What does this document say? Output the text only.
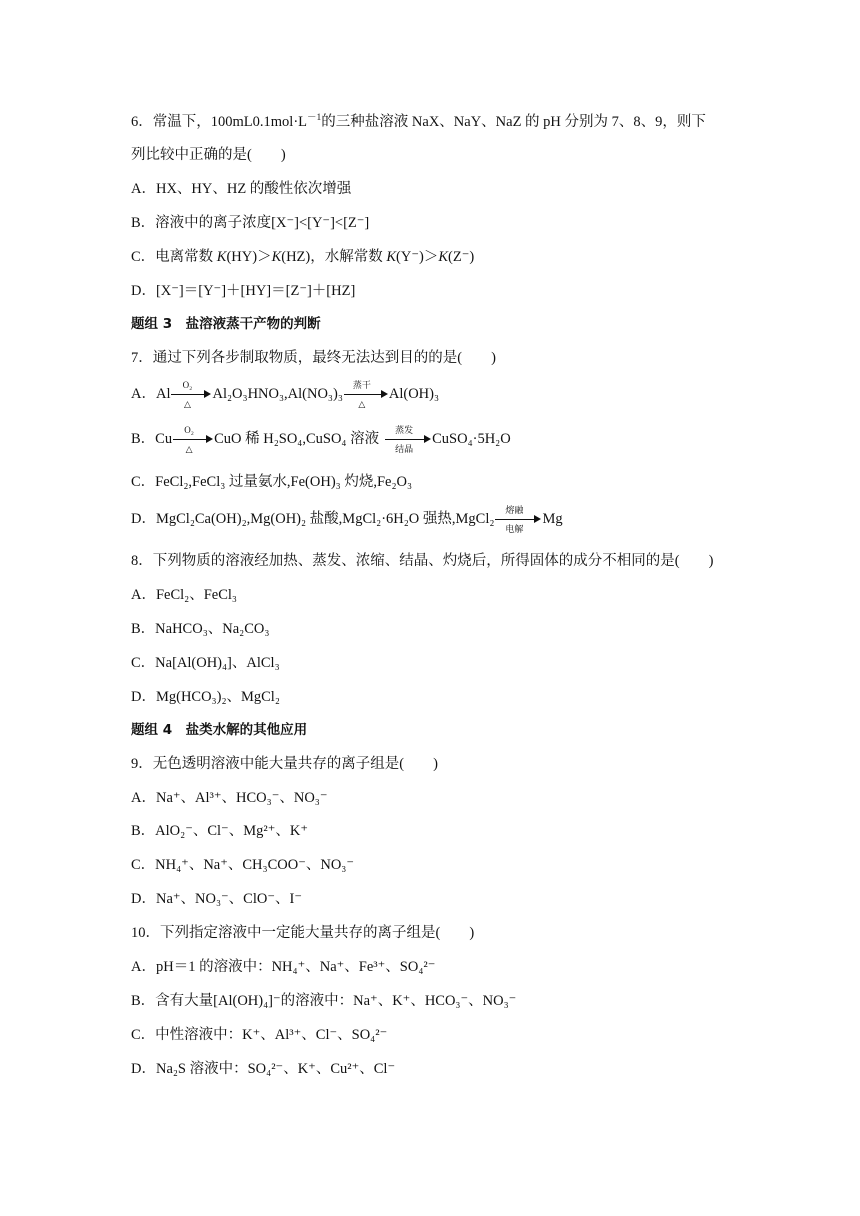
6．常温下，$100mL0.1mol\cdot L^{-1}$的三种盐溶液 NaX、NaY、NaZ 的 pH 分别为 7、8、9，则下
列比较中正确的是(　　)
A．HX、HY、HZ 的酸性依次增强
B．溶液中的离子浓度[X⁻]<[Y⁻]<[Z⁻]
C．电离常数 K(HY)＞K(HZ)，水解常数 K(Y⁻)＞K(Z⁻)
D．[X⁻]＝[Y⁻]＋[HY]＝[Z⁻]＋[HZ]
题组 3　盐溶液蒸干产物的判断
7．通过下列各步制取物质，最终无法达到目的的是(　　)
A．Al
O₂
△
Al₂O₃HNO₃,Al(NO₃)₃
蒸干
△
Al(OH)₃
B．Cu
O₂
△
CuO 稀 H₂SO₄,CuSO₄ 溶液
蒸发
结晶
CuSO₄·5H₂O
C．FeCl₂,FeCl₃ 过量氨水,Fe(OH)₃ 灼烧,Fe₂O₃
D．MgCl₂Ca(OH)₂,Mg(OH)₂ 盐酸,MgCl₂·6H₂O 强热,MgCl₂
熔融
电解
Mg
8．下列物质的溶液经加热、蒸发、浓缩、结晶、灼烧后，所得固体的成分不相同的是(　　)
A．FeCl₂、FeCl₃
B．NaHCO₃、Na₂CO₃
C．Na[Al(OH)₄]、AlCl₃
D．Mg(HCO₃)₂、MgCl₂
题组 4　盐类水解的其他应用
9．无色透明溶液中能大量共存的离子组是(　　)
A．Na⁺、Al³⁺、HCO₃⁻、NO₃⁻
B．AlO₂⁻、Cl⁻、Mg²⁺、K⁺
C．NH₄⁺、Na⁺、CH₃COO⁻、NO₃⁻
D．Na⁺、NO₃⁻、ClO⁻、I⁻
10．下列指定溶液中一定能大量共存的离子组是(　　)
A．pH＝1 的溶液中：NH₄⁺、Na⁺、Fe³⁺、SO₄²⁻
B．含有大量[Al(OH)₄]⁻的溶液中：Na⁺、K⁺、HCO₃⁻、NO₃⁻
C．中性溶液中：K⁺、Al³⁺、Cl⁻、SO₄²⁻
D．Na₂S 溶液中：SO₄²⁻、K⁺、Cu²⁺、Cl⁻
